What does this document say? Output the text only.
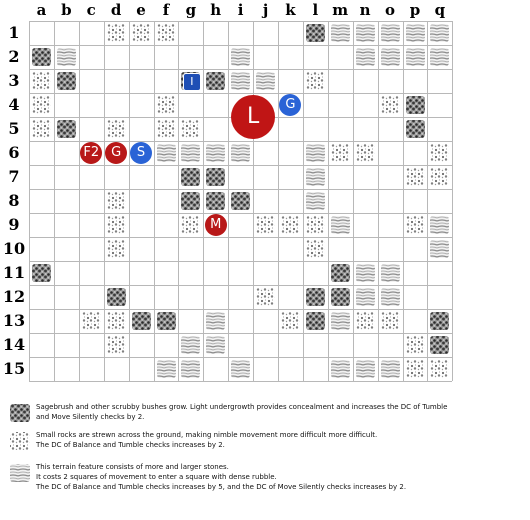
a b	c	d e	f	g h	i	j	k	l m n o p q
1
2
3
4
5
6
7
8
9
10
11
12
13
14
15
I
G
L
F2 G	S
M
Sagebrush and other scrubby bushes grow. Light undergrowth provides concealment and increases the DC of Tumble
and Move Silently checks by 2.
Small rocks are strewn across the ground, making nimble movement more difficult more difficult.
The DC of Balance and Tumble checks increases by 2.
This terrain feature consists of more and larger stones.
It costs 2 squares of movement to enter a square with dense rubble.
The DC of Balance and Tumble checks increases by 5, and the DC of Move Silently checks increases by 2.
